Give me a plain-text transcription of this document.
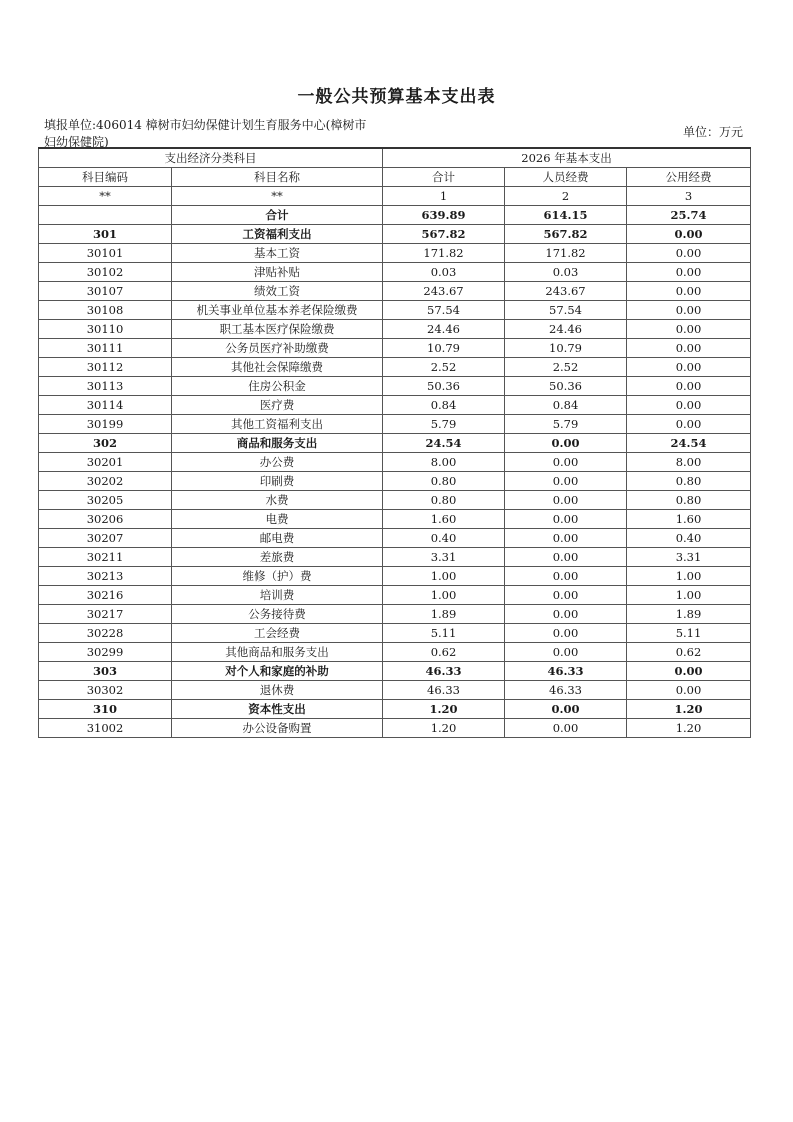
一般公共预算基本支出表
填报单位:406014 樟树市妇幼保健计划生育服务中心(樟树市妇幼保健院)
单位：万元
支出经济分类科目		2026 年基本支出		
科目编码	科目名称	合计	人员经费	公用经费
**	**	1	2	3
	合计	639.89	614.15	25.74
301	工资福利支出	567.82	567.82	0.00
30101	基本工资	171.82	171.82	0.00
30102	津贴补贴	0.03	0.03	0.00
30107	绩效工资	243.67	243.67	0.00
30108	机关事业单位基本养老保险缴费	57.54	57.54	0.00
30110	职工基本医疗保险缴费	24.46	24.46	0.00
30111	公务员医疗补助缴费	10.79	10.79	0.00
30112	其他社会保障缴费	2.52	2.52	0.00
30113	住房公积金	50.36	50.36	0.00
30114	医疗费	0.84	0.84	0.00
30199	其他工资福利支出	5.79	5.79	0.00
302	商品和服务支出	24.54	0.00	24.54
30201	办公费	8.00	0.00	8.00
30202	印刷费	0.80	0.00	0.80
30205	水费	0.80	0.00	0.80
30206	电费	1.60	0.00	1.60
30207	邮电费	0.40	0.00	0.40
30211	差旅费	3.31	0.00	3.31
30213	维修（护）费	1.00	0.00	1.00
30216	培训费	1.00	0.00	1.00
30217	公务接待费	1.89	0.00	1.89
30228	工会经费	5.11	0.00	5.11
30299	其他商品和服务支出	0.62	0.00	0.62
303	对个人和家庭的补助	46.33	46.33	0.00
30302	退休费	46.33	46.33	0.00
310	资本性支出	1.20	0.00	1.20
31002	办公设备购置	1.20	0.00	1.20
